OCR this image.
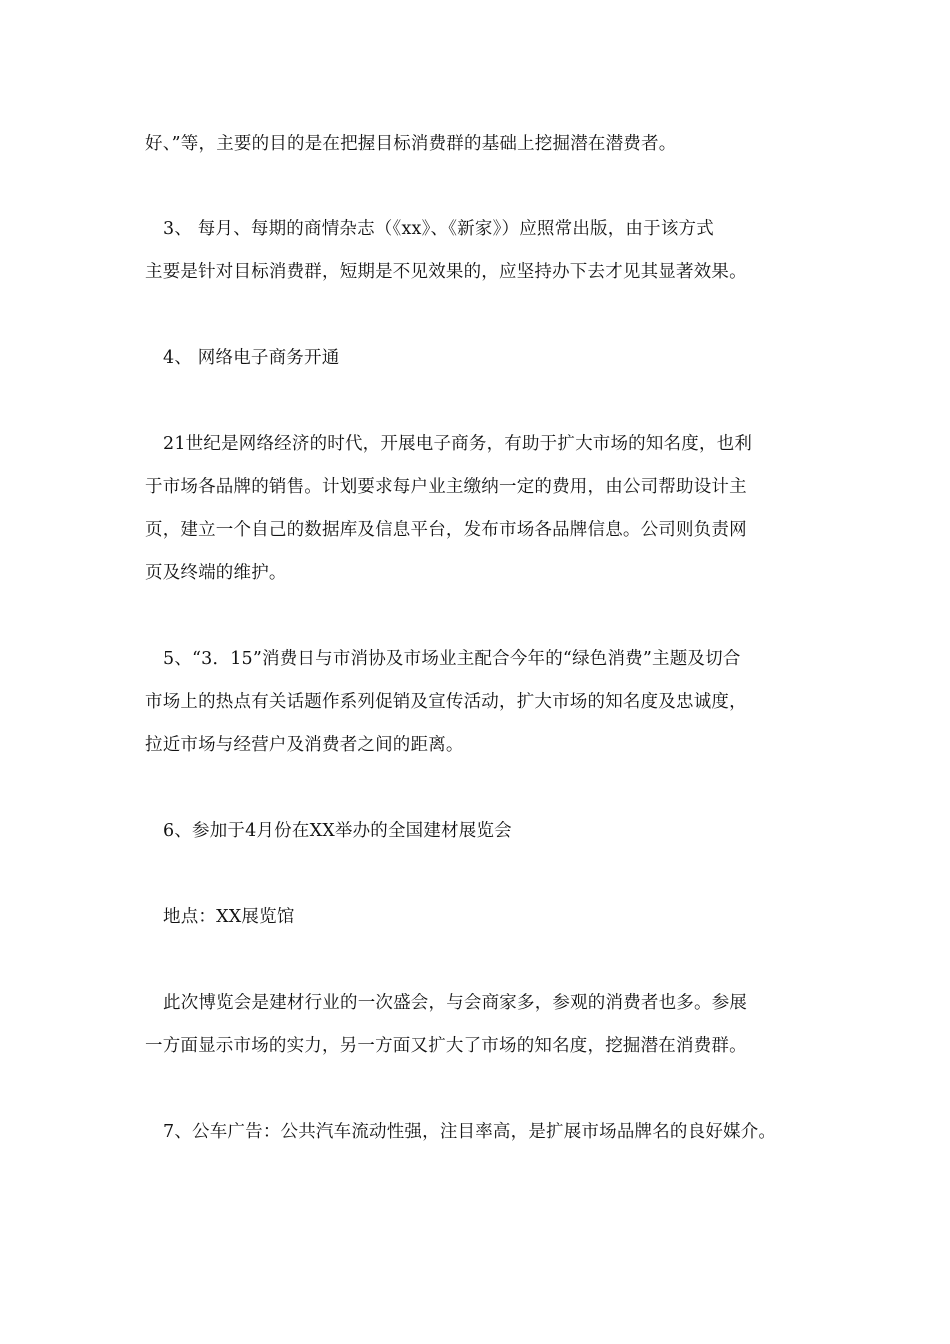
好、”等，主要的目的是在把握目标消费群的基础上挖掘潜在潜费者。
3、 每月、每期的商情杂志（《xx》、《新家》）应照常出版，由于该方式
主要是针对目标消费群，短期是不见效果的，应坚持办下去才见其显著效果。
4、 网络电子商务开通
21世纪是网络经济的时代，开展电子商务，有助于扩大市场的知名度，也利
于市场各品牌的销售。计划要求每户业主缴纳一定的费用，由公司帮助设计主
页，建立一个自己的数据库及信息平台，发布市场各品牌信息。公司则负责网
页及终端的维护。
5、“3．15”消费日与市消协及市场业主配合今年的“绿色消费”主题及切合
市场上的热点有关话题作系列促销及宣传活动，扩大市场的知名度及忠诚度，
拉近市场与经营户及消费者之间的距离。
6、参加于4月份在XX举办的全国建材展览会
地点：XX展览馆
此次博览会是建材行业的一次盛会，与会商家多，参观的消费者也多。参展
一方面显示市场的实力，另一方面又扩大了市场的知名度，挖掘潜在消费群。
7、公车广告：公共汽车流动性强，注目率高，是扩展市场品牌名的良好媒介。
